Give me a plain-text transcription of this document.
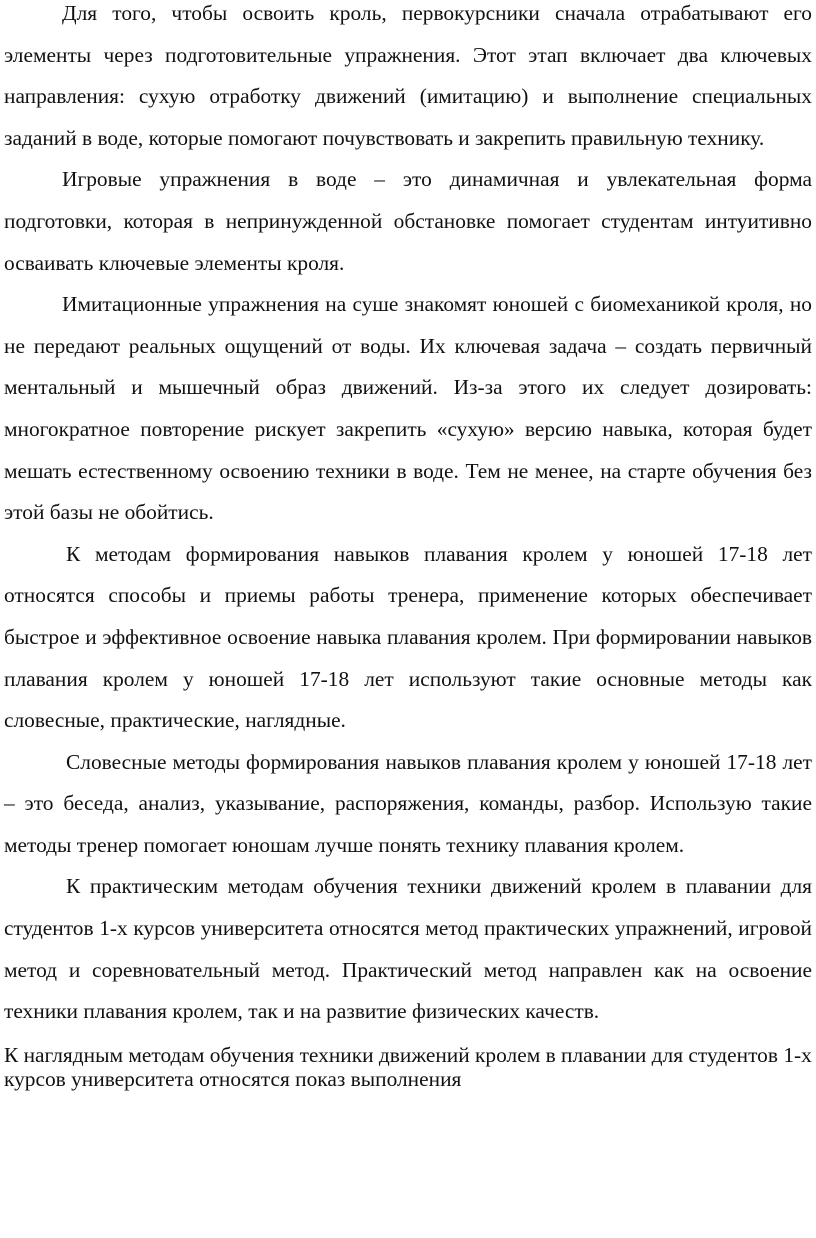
Для того, чтобы освоить кроль, первокурсники сначала отрабатывают его элементы через подготовительные упражнения. Этот этап включает два ключевых направления: сухую отработку движений (имитацию) и выполнение специальных заданий в воде, которые помогают почувствовать и закрепить правильную технику.

Игровые упражнения в воде – это динамичная и увлекательная форма подготовки, которая в непринужденной обстановке помогает студентам интуитивно осваивать ключевые элементы кроля.

Имитационные упражнения на суше знакомят юношей с биомеханикой кроля, но не передают реальных ощущений от воды. Их ключевая задача – создать первичный ментальный и мышечный образ движений. Из-за этого их следует дозировать: многократное повторение рискует закрепить «сухую» версию навыка, которая будет мешать естественному освоению техники в воде. Тем не менее, на старте обучения без этой базы не обойтись.

К методам формирования навыков плавания кролем у юношей 17-18 лет относятся способы и приемы работы тренера, применение которых обеспечивает быстрое и эффективное освоение навыка плавания кролем. При формировании навыков плавания кролем у юношей 17-18 лет используют такие основные методы как словесные, практические, наглядные.

Словесные методы формирования навыков плавания кролем у юношей 17-18 лет – это беседа, анализ, указывание, распоряжения, команды, разбор. Использую такие методы тренер помогает юношам лучше понять технику плавания кролем.

К практическим методам обучения техники движений кролем в плавании для студентов 1-х курсов университета относятся метод практических упражнений, игровой метод и соревновательный метод. Практический метод направлен как на освоение техники плавания кролем, так и на развитие физических качеств.

К наглядным методам обучения техники движений кролем в плавании для студентов 1-х курсов университета относятся показ выполнения
